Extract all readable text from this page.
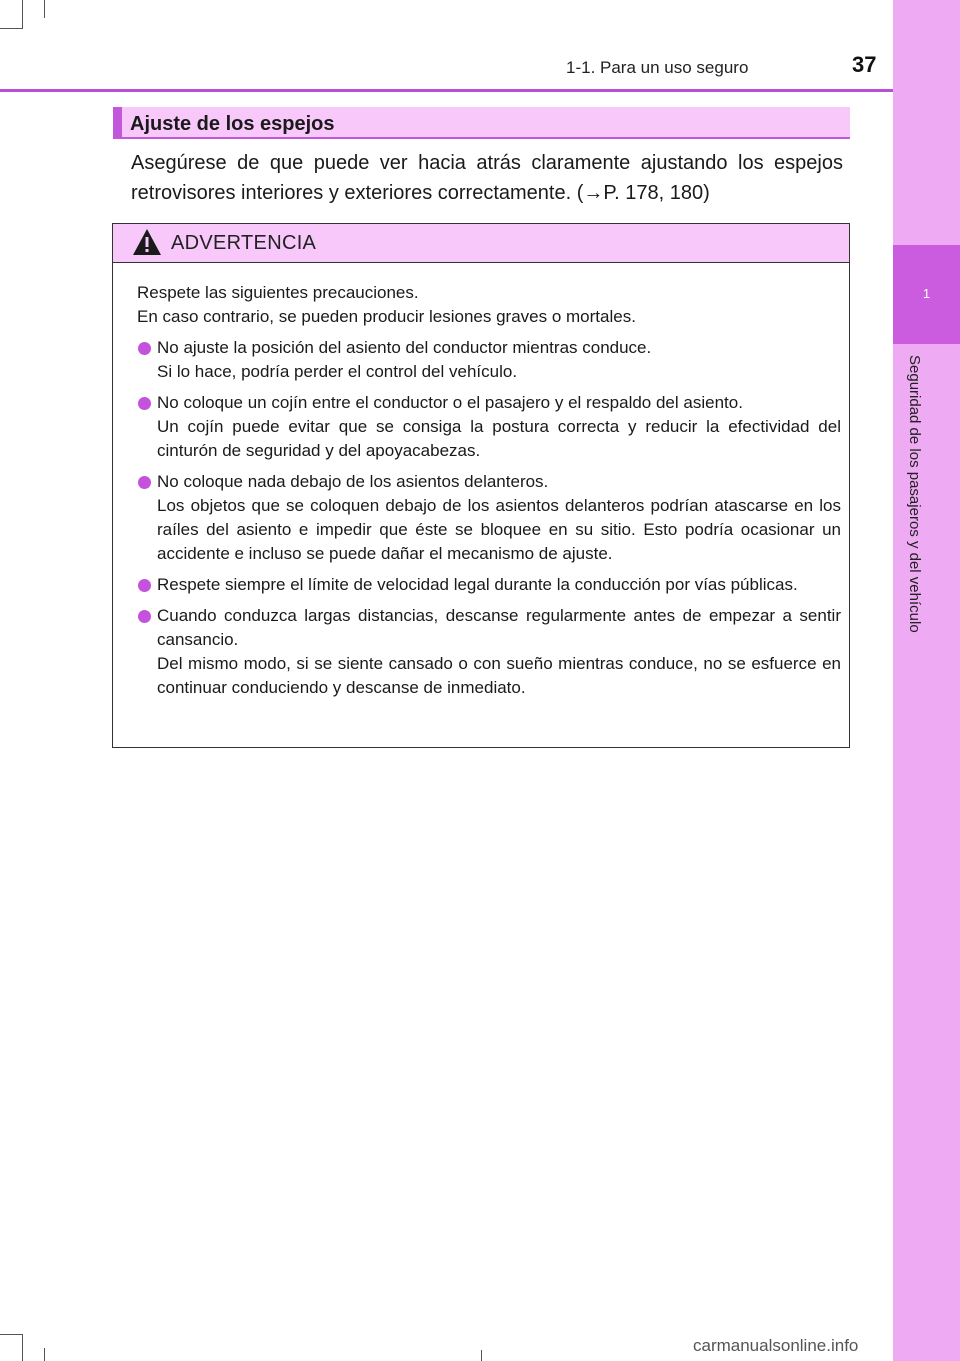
1-1. Para un uso seguro	37
1
Seguridad de los pasajeros y del vehículo
Ajuste de los espejos
Asegúrese de que puede ver hacia atrás claramente ajustando los espejos retrovisores interiores y exteriores correctamente. (→P. 178, 180)
ADVERTENCIA

Respete las siguientes precauciones.

En caso contrario, se pueden producir lesiones graves o mortales.

No ajuste la posición del asiento del conductor mientras conduce.

Si lo hace, podría perder el control del vehículo.

No coloque un cojín entre el conductor o el pasajero y el respaldo del asiento.

Un cojín puede evitar que se consiga la postura correcta y reducir la efectividad del cinturón de seguridad y del apoyacabezas.

No coloque nada debajo de los asientos delanteros.

Los objetos que se coloquen debajo de los asientos delanteros podrían atascarse en los raíles del asiento e impedir que éste se bloquee en su sitio. Esto podría ocasionar un accidente e incluso se puede dañar el mecanismo de ajuste.

Respete siempre el límite de velocidad legal durante la conducción por vías públicas.

Cuando conduzca largas distancias, descanse regularmente antes de empezar a sentir cansancio.

Del mismo modo, si se siente cansado o con sueño mientras conduce, no se esfuerce en continuar conduciendo y descanse de inmediato.

carmanualsonline.info
